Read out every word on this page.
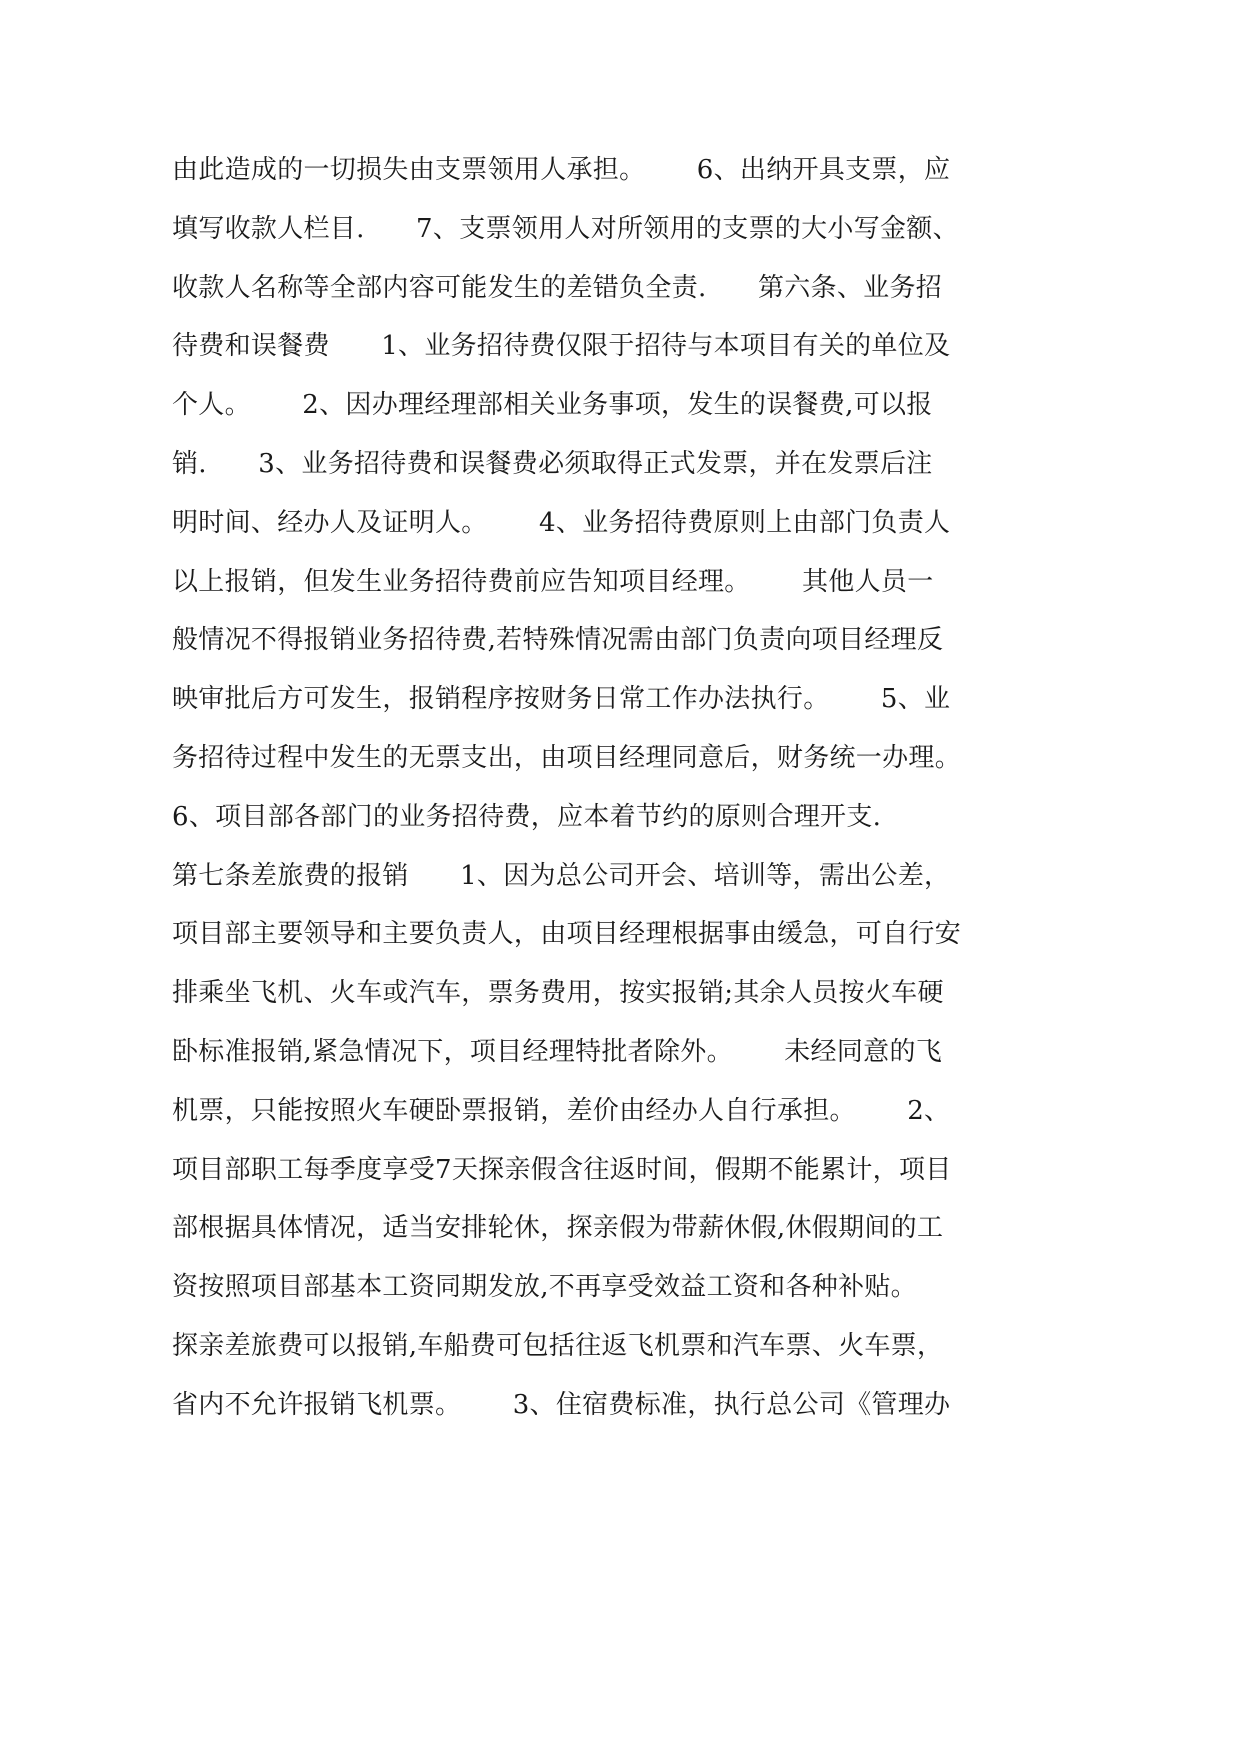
由此造成的一切损失由支票领用人承担。      6、出纳开具支票，应
填写收款人栏目.      7、支票领用人对所领用的支票的大小写金额、
收款人名称等全部内容可能发生的差错负全责.      第六条、业务招
待费和误餐费      1、业务招待费仅限于招待与本项目有关的单位及
个人。      2、因办理经理部相关业务事项，发生的误餐费,可以报
销.      3、业务招待费和误餐费必须取得正式发票，并在发票后注
明时间、经办人及证明人。      4、业务招待费原则上由部门负责人
以上报销，但发生业务招待费前应告知项目经理。      其他人员一
般情况不得报销业务招待费,若特殊情况需由部门负责向项目经理反
映审批后方可发生，报销程序按财务日常工作办法执行。      5、业
务招待过程中发生的无票支出，由项目经理同意后，财务统一办理。
6、项目部各部门的业务招待费，应本着节约的原则合理开支.
第七条差旅费的报销      1、因为总公司开会、培训等，需出公差，
项目部主要领导和主要负责人，由项目经理根据事由缓急，可自行安
排乘坐飞机、火车或汽车，票务费用，按实报销;其余人员按火车硬
卧标准报销,紧急情况下，项目经理特批者除外。      未经同意的飞
机票，只能按照火车硬卧票报销，差价由经办人自行承担。      2、
项目部职工每季度享受7天探亲假含往返时间，假期不能累计，项目
部根据具体情况，适当安排轮休，探亲假为带薪休假,休假期间的工
资按照项目部基本工资同期发放,不再享受效益工资和各种补贴。
探亲差旅费可以报销,车船费可包括往返飞机票和汽车票、火车票，
省内不允许报销飞机票。      3、住宿费标准，执行总公司《管理办
